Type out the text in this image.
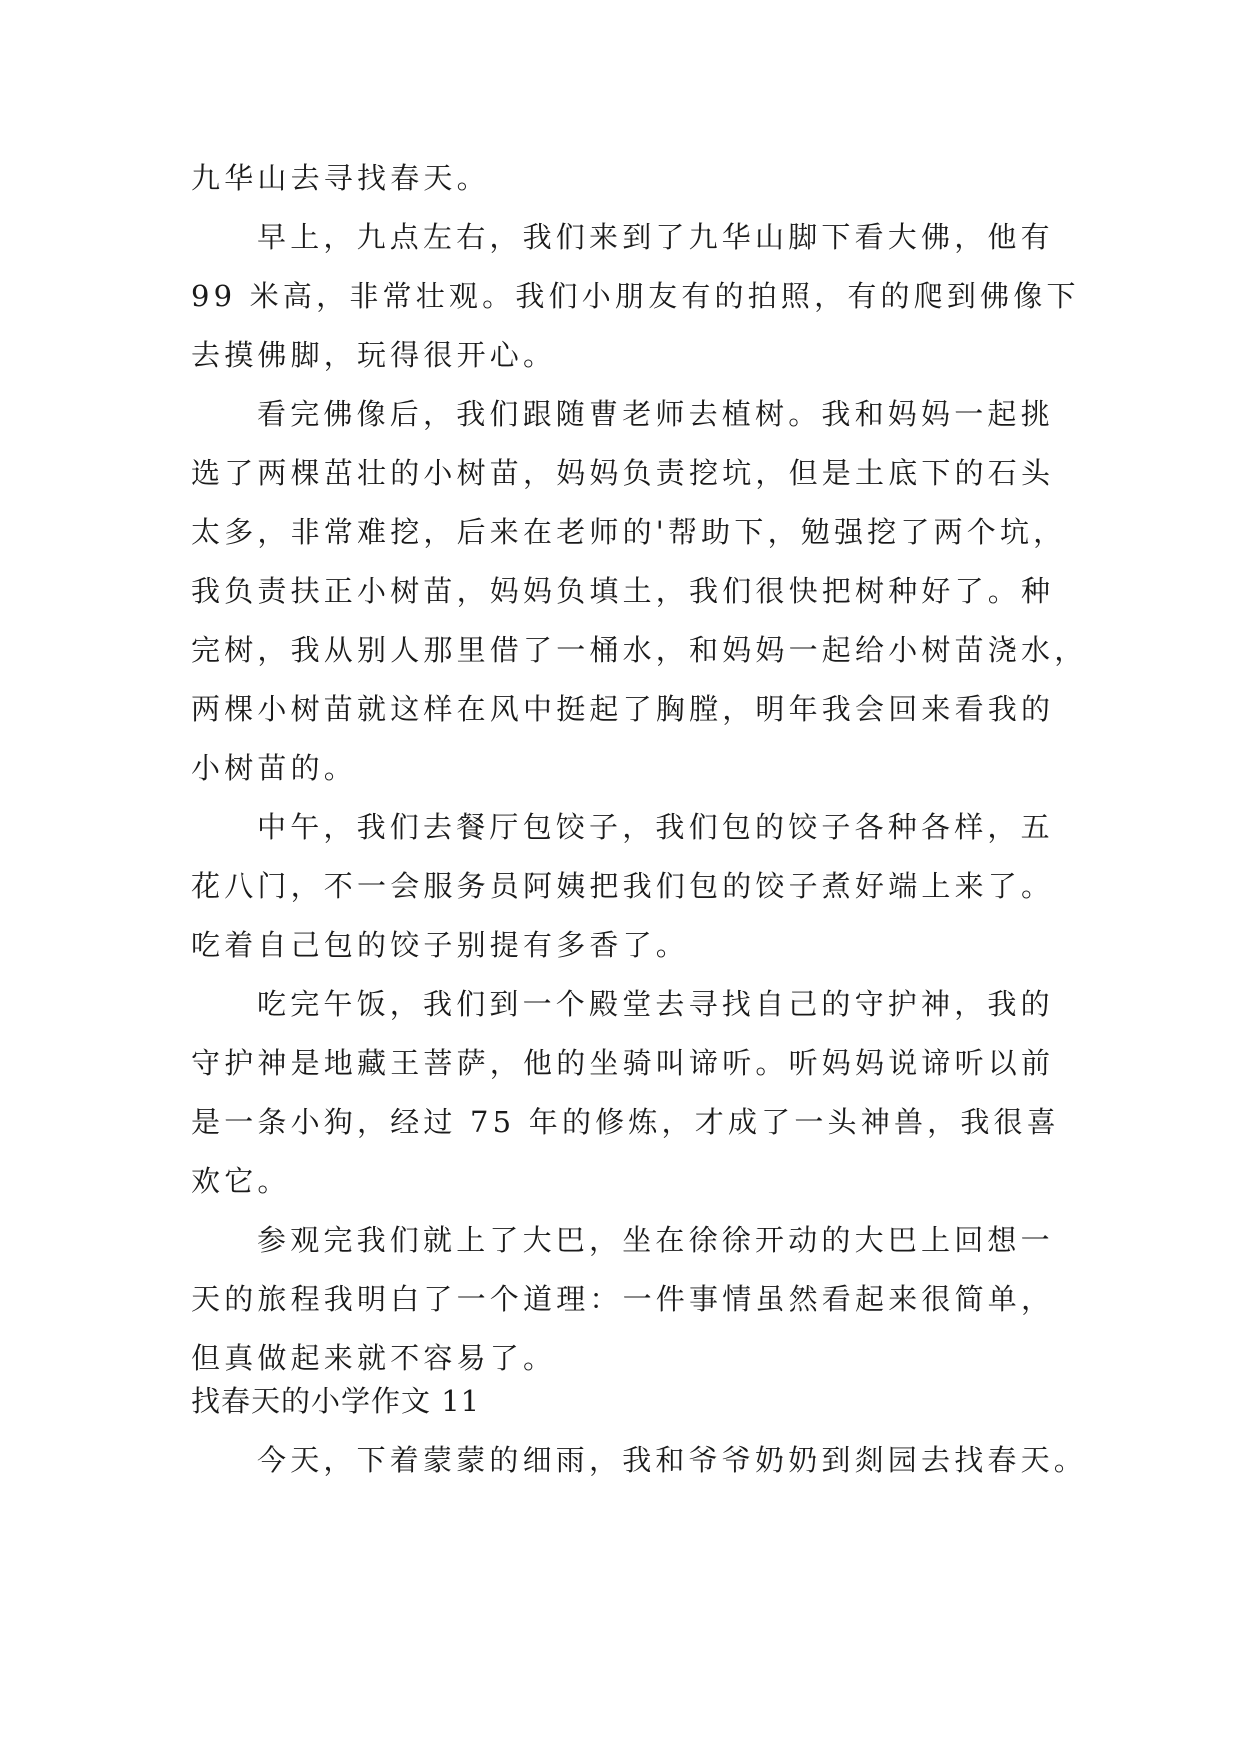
九华山去寻找春天。
早上，九点左右，我们来到了九华山脚下看大佛，他有
99 米高，非常壮观。我们小朋友有的拍照，有的爬到佛像下
去摸佛脚，玩得很开心。
看完佛像后，我们跟随曹老师去植树。我和妈妈一起挑
选了两棵茁壮的小树苗，妈妈负责挖坑，但是土底下的石头
太多，非常难挖，后来在老师的'帮助下，勉强挖了两个坑，
我负责扶正小树苗，妈妈负填土，我们很快把树种好了。种
完树，我从别人那里借了一桶水，和妈妈一起给小树苗浇水，
两棵小树苗就这样在风中挺起了胸膛，明年我会回来看我的
小树苗的。
中午，我们去餐厅包饺子，我们包的饺子各种各样，五
花八门，不一会服务员阿姨把我们包的饺子煮好端上来了。
吃着自己包的饺子别提有多香了。
吃完午饭，我们到一个殿堂去寻找自己的守护神，我的
守护神是地藏王菩萨，他的坐骑叫谛听。听妈妈说谛听以前
是一条小狗，经过 75 年的修炼，才成了一头神兽，我很喜
欢它。
参观完我们就上了大巴，坐在徐徐开动的大巴上回想一
天的旅程我明白了一个道理：一件事情虽然看起来很简单，
但真做起来就不容易了。
找春天的小学作文 11
今天，下着蒙蒙的细雨，我和爷爷奶奶到剡园去找春天。
